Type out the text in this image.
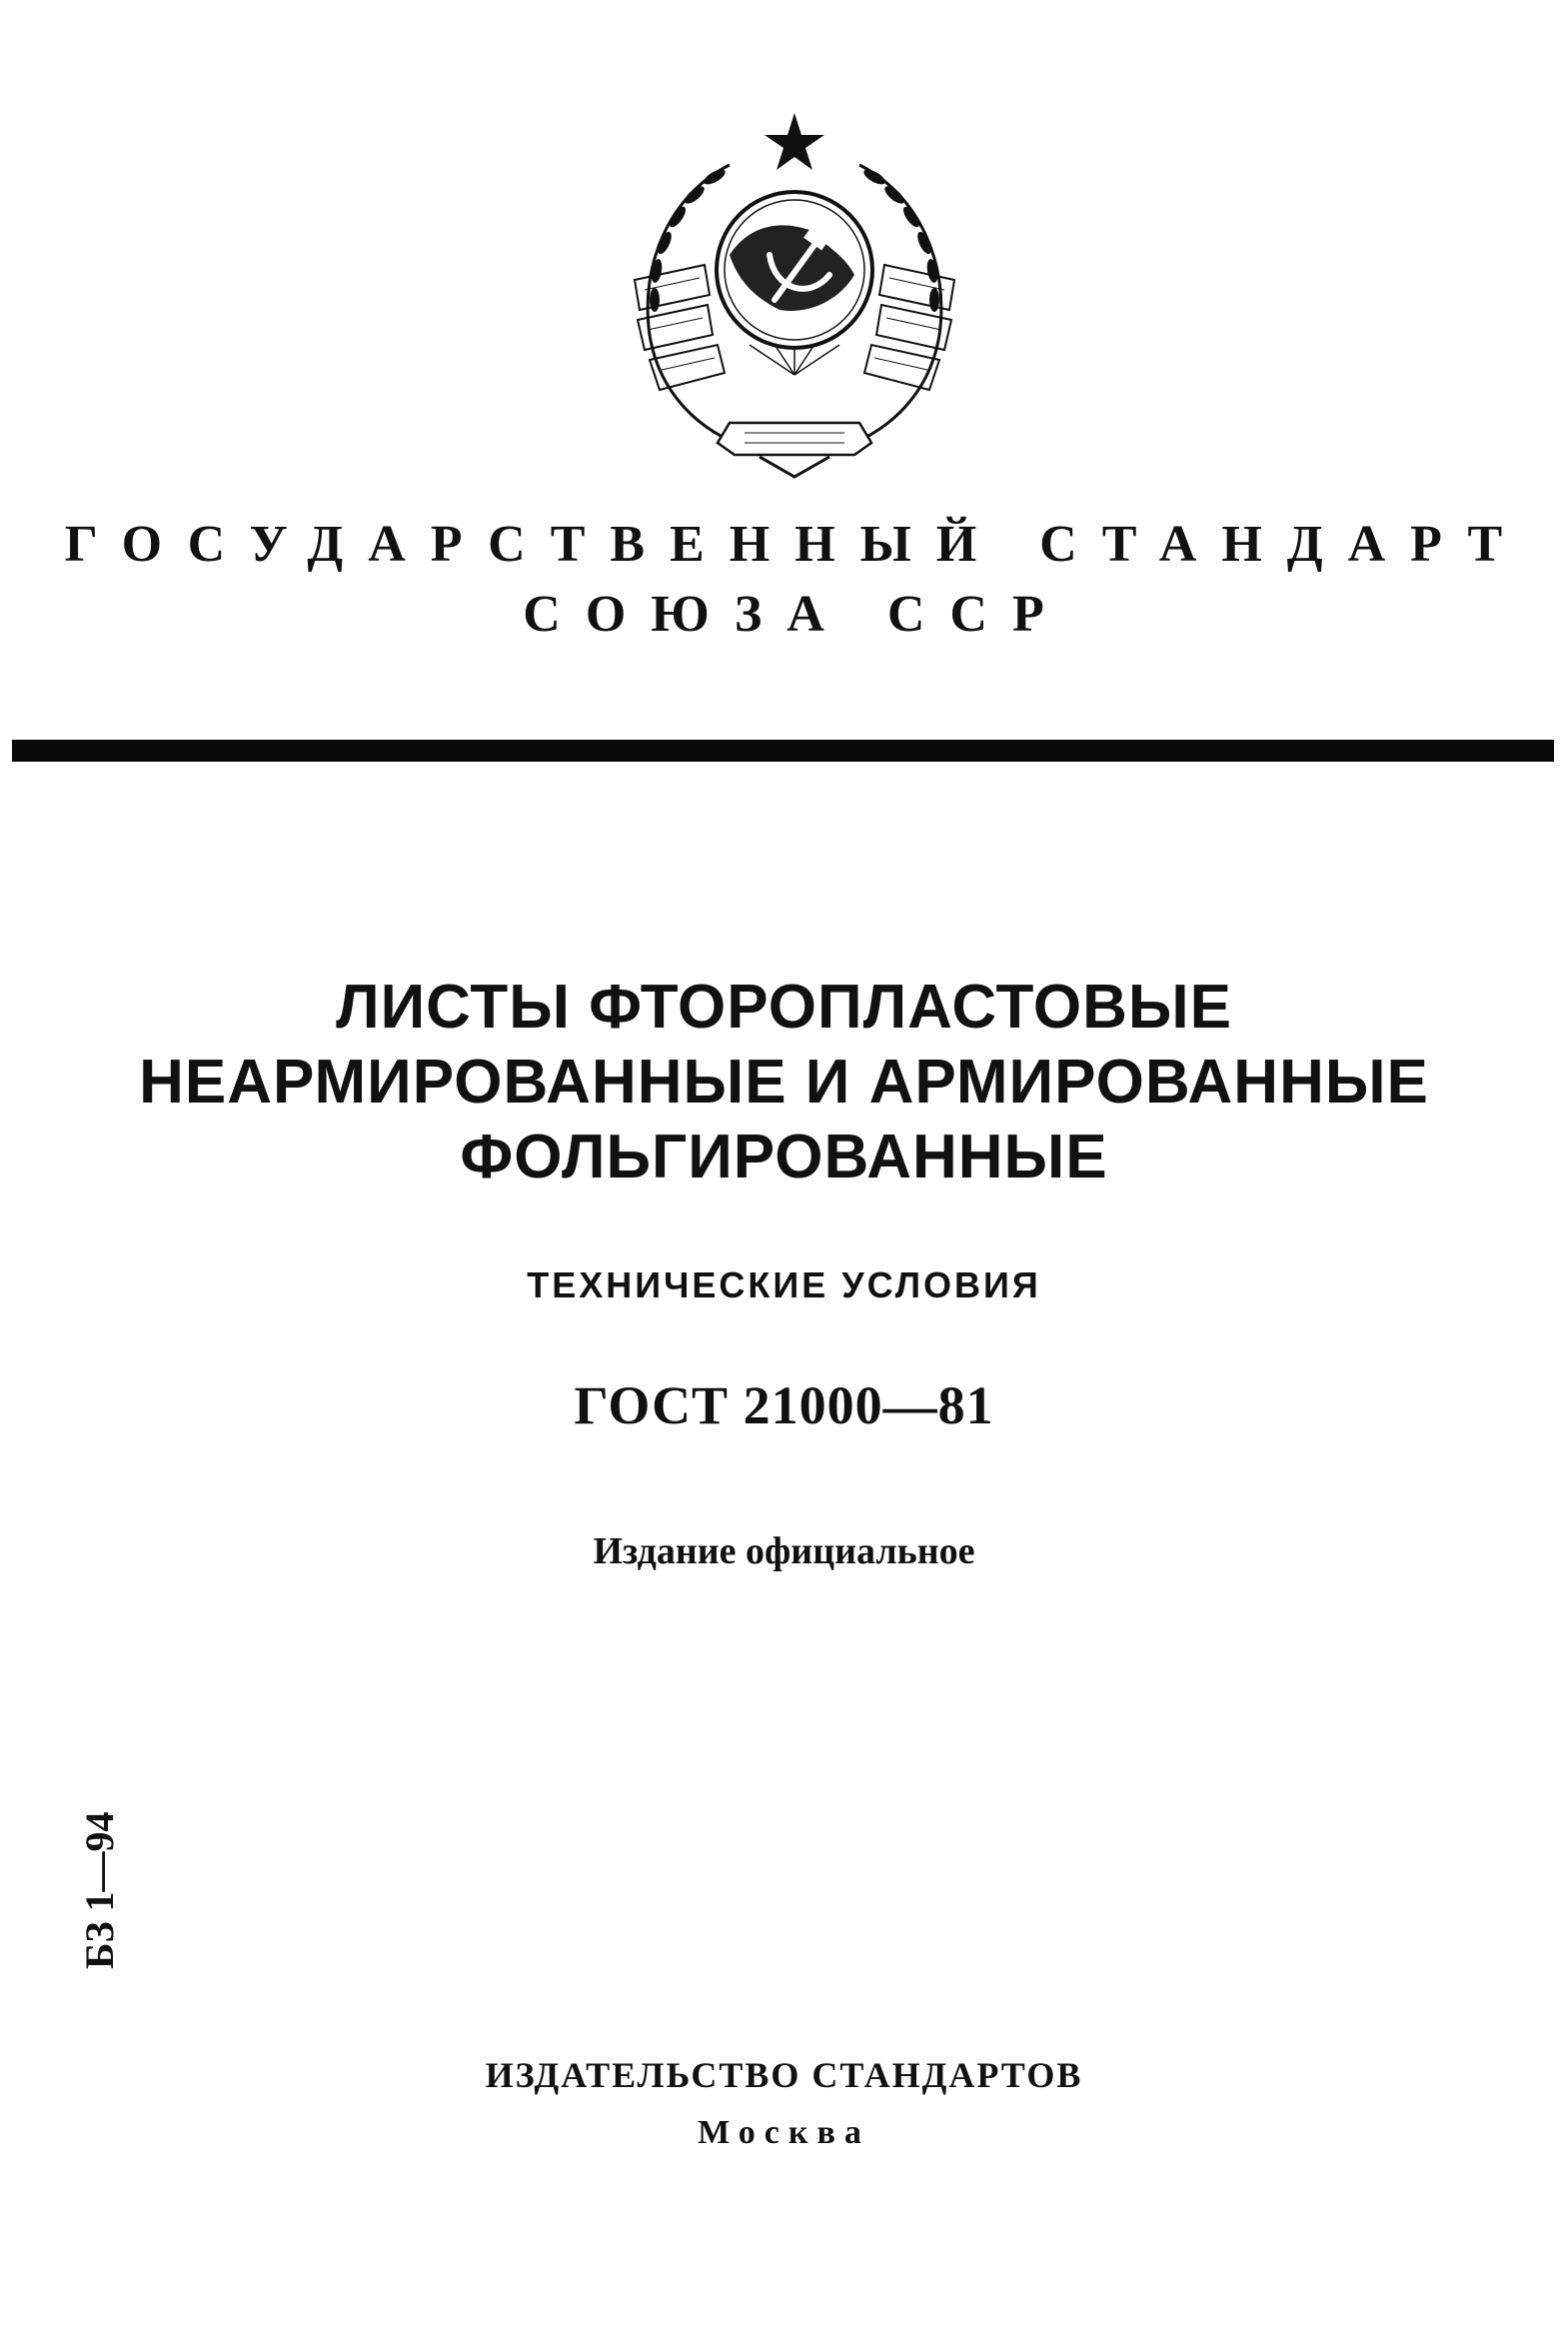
ГОСУДАРСТВЕННЫЙ СТАНДАРТ
СОЮЗА ССР
ЛИСТЫ ФТОРОПЛАСТОВЫЕ
НЕАРМИРОВАННЫЕ И АРМИРОВАННЫЕ
ФОЛЬГИРОВАННЫЕ
ТЕХНИЧЕСКИЕ УСЛОВИЯ
ГОСТ 21000—81
Издание официальное
БЗ 1—94
ИЗДАТЕЛЬСТВО СТАНДАРТОВ
Москва
